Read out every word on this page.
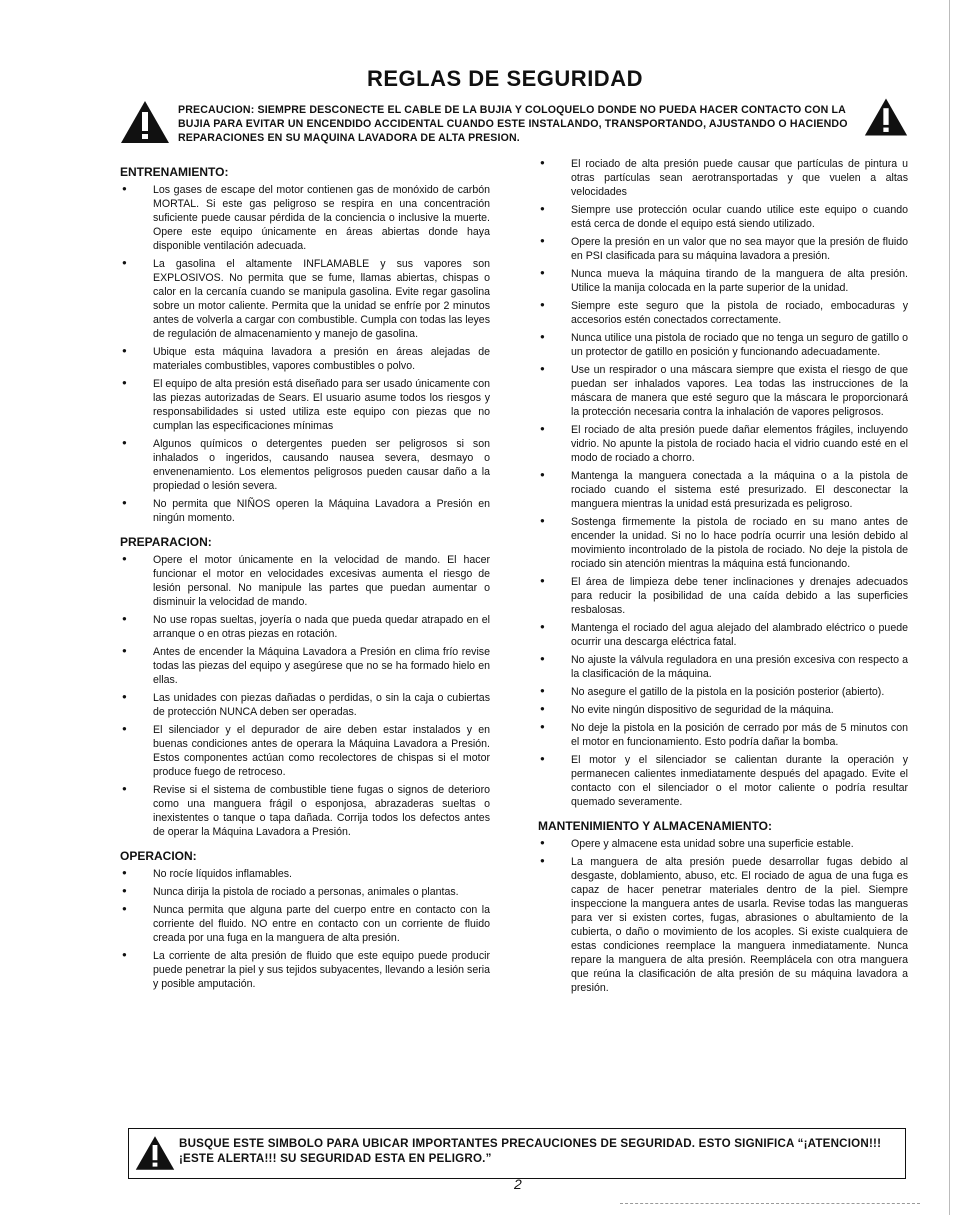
REGLAS DE SEGURIDAD
PRECAUCION: SIEMPRE DESCONECTE EL CABLE DE LA BUJIA Y COLOQUELO DONDE NO PUEDA HACER CONTACTO CON LA BUJIA PARA EVITAR UN ENCENDIDO ACCIDENTAL CUANDO ESTE INSTALANDO, TRANSPORTANDO, AJUSTANDO O HACIENDO REPARACIONES EN SU MAQUINA LAVADORA DE ALTA PRESION.
ENTRENAMIENTO:
● Los gases de escape del motor contienen gas de monóxido de carbón MORTAL. Si este gas peligroso se respira en una concentración suficiente puede causar pérdida de la conciencia o inclusive la muerte. Opere este equipo únicamente en áreas abiertas donde haya disponible ventilación adecuada.
● La gasolina el altamente INFLAMABLE y sus vapores son EXPLOSIVOS. No permita que se fume, llamas abiertas, chispas o calor en la cercanía cuando se manipula gasolina. Evite regar gasolina sobre un motor caliente. Permita que la unidad se enfríe por 2 minutos antes de volverla a cargar con combustible. Cumpla con todas las leyes de regulación de almacenamiento y manejo de gasolina.
● Ubique esta máquina lavadora a presión en áreas alejadas de materiales combustibles, vapores combustibles o polvo.
● El equipo de alta presión está diseñado para ser usado únicamente con las piezas autorizadas de Sears. El usuario asume todos los riesgos y responsabilidades si usted utiliza este equipo con piezas que no cumplan las especificaciones mínimas
● Algunos químicos o detergentes pueden ser peligrosos si son inhalados o ingeridos, causando nausea severa, desmayo o envenenamiento. Los elementos peligrosos pueden causar daño a la propiedad o lesión severa.
● No permita que NIÑOS operen la Máquina Lavadora a Presión en ningún momento.
PREPARACION:
● Opere el motor únicamente en la velocidad de mando. El hacer funcionar el motor en velocidades excesivas aumenta el riesgo de lesión personal. No manipule las partes que puedan aumentar o disminuir la velocidad de mando.
● No use ropas sueltas, joyería o nada que pueda quedar atrapado en el arranque o en otras piezas en rotación.
● Antes de encender la Máquina Lavadora a Presión en clima frío revise todas las piezas del equipo y asegúrese que no se ha formado hielo en ellas.
● Las unidades con piezas dañadas o perdidas, o sin la caja o cubiertas de protección NUNCA deben ser operadas.
● El silenciador y el depurador de aire deben estar instalados y en buenas condiciones antes de operara la Máquina Lavadora a Presión. Estos componentes actúan como recolectores de chispas si el motor produce fuego de retroceso.
● Revise si el sistema de combustible tiene fugas o signos de deterioro como una manguera frágil o esponjosa, abrazaderas sueltas o inexistentes o tanque o tapa dañada. Corrija todos los defectos antes de operar la Máquina Lavadora a Presión.
OPERACION:
● No rocíe líquidos inflamables.
● Nunca dirija la pistola de rociado a personas, animales o plantas.
● Nunca permita que alguna parte del cuerpo entre en contacto con la corriente del fluido. NO entre en contacto con un corriente de fluido creada por una fuga en la manguera de alta presión.
● La corriente de alta presión de fluido que este equipo puede producir puede penetrar la piel y sus tejidos subyacentes, llevando a lesión seria y posible amputación.
● El rociado de alta presión puede causar que partículas de pintura u otras partículas sean aerotransportadas y que vuelen a altas velocidades
● Siempre use protección ocular cuando utilice este equipo o cuando está cerca de donde el equipo está siendo utilizado.
● Opere la presión en un valor que no sea mayor que la presión de fluido en PSI clasificada para su máquina lavadora a presión.
● Nunca mueva la máquina tirando de la manguera de alta presión. Utilice la manija colocada en la parte superior de la unidad.
● Siempre este seguro que la pistola de rociado, embocaduras y accesorios estén conectados correctamente.
● Nunca utilice una pistola de rociado que no tenga un seguro de gatillo o un protector de gatillo en posición y funcionando adecuadamente.
● Use un respirador o una máscara siempre que exista el riesgo de que puedan ser inhalados vapores. Lea todas las instrucciones de la máscara de manera que esté seguro que la máscara le proporcionará la protección necesaria contra la inhalación de vapores peligrosos.
● El rociado de alta presión puede dañar elementos frágiles, incluyendo vidrio. No apunte la pistola de rociado hacia el vidrio cuando esté en el modo de rociado a chorro.
● Mantenga la manguera conectada a la máquina o a la pistola de rociado cuando el sistema esté presurizado. El desconectar la manguera mientras la unidad está presurizada es peligroso.
● Sostenga firmemente la pistola de rociado en su mano antes de encender la unidad. Si no lo hace podría ocurrir una lesión debido al movimiento incontrolado de la pistola de rociado. No deje la pistola de rociado sin atención mientras la máquina está funcionando.
● El área de limpieza debe tener inclinaciones y drenajes adecuados para reducir la posibilidad de una caída debido a las superficies resbalosas.
● Mantenga el rociado del agua alejado del alambrado eléctrico o puede ocurrir una descarga eléctrica fatal.
● No ajuste la válvula reguladora en una presión excesiva con respecto a la clasificación de la máquina.
● No asegure el gatillo de la pistola en la posición posterior (abierto).
● No evite ningún dispositivo de seguridad de la máquina.
● No deje la pistola en la posición de cerrado por más de 5 minutos con el motor en funcionamiento. Esto podría dañar la bomba.
● El motor y el silenciador se calientan durante la operación y permanecen calientes inmediatamente después del apagado. Evite el contacto con el silenciador o el motor caliente o podría resultar quemado severamente.
MANTENIMIENTO Y ALMACENAMIENTO:
● Opere y almacene esta unidad sobre una superficie estable.
● La manguera de alta presión puede desarrollar fugas debido al desgaste, doblamiento, abuso, etc. El rociado de agua de una fuga es capaz de hacer penetrar materiales dentro de la piel. Siempre inspeccione la manguera antes de usarla. Revise todas las mangueras para ver si existen cortes, fugas, abrasiones o abultamiento de la cubierta, o daño o movimiento de los acoples. Si existe cualquiera de estas condiciones reemplace la manguera inmediatamente. Nunca repare la manguera de alta presión. Reemplácela con otra manguera que reúna la clasificación de alta presión de su máquina lavadora a presión.
BUSQUE ESTE SIMBOLO PARA UBICAR IMPORTANTES PRECAUCIONES DE SEGURIDAD. ESTO SIGNIFICA “¡ATENCION!!! ¡ESTE ALERTA!!! SU SEGURIDAD ESTA EN PELIGRO.”
2
